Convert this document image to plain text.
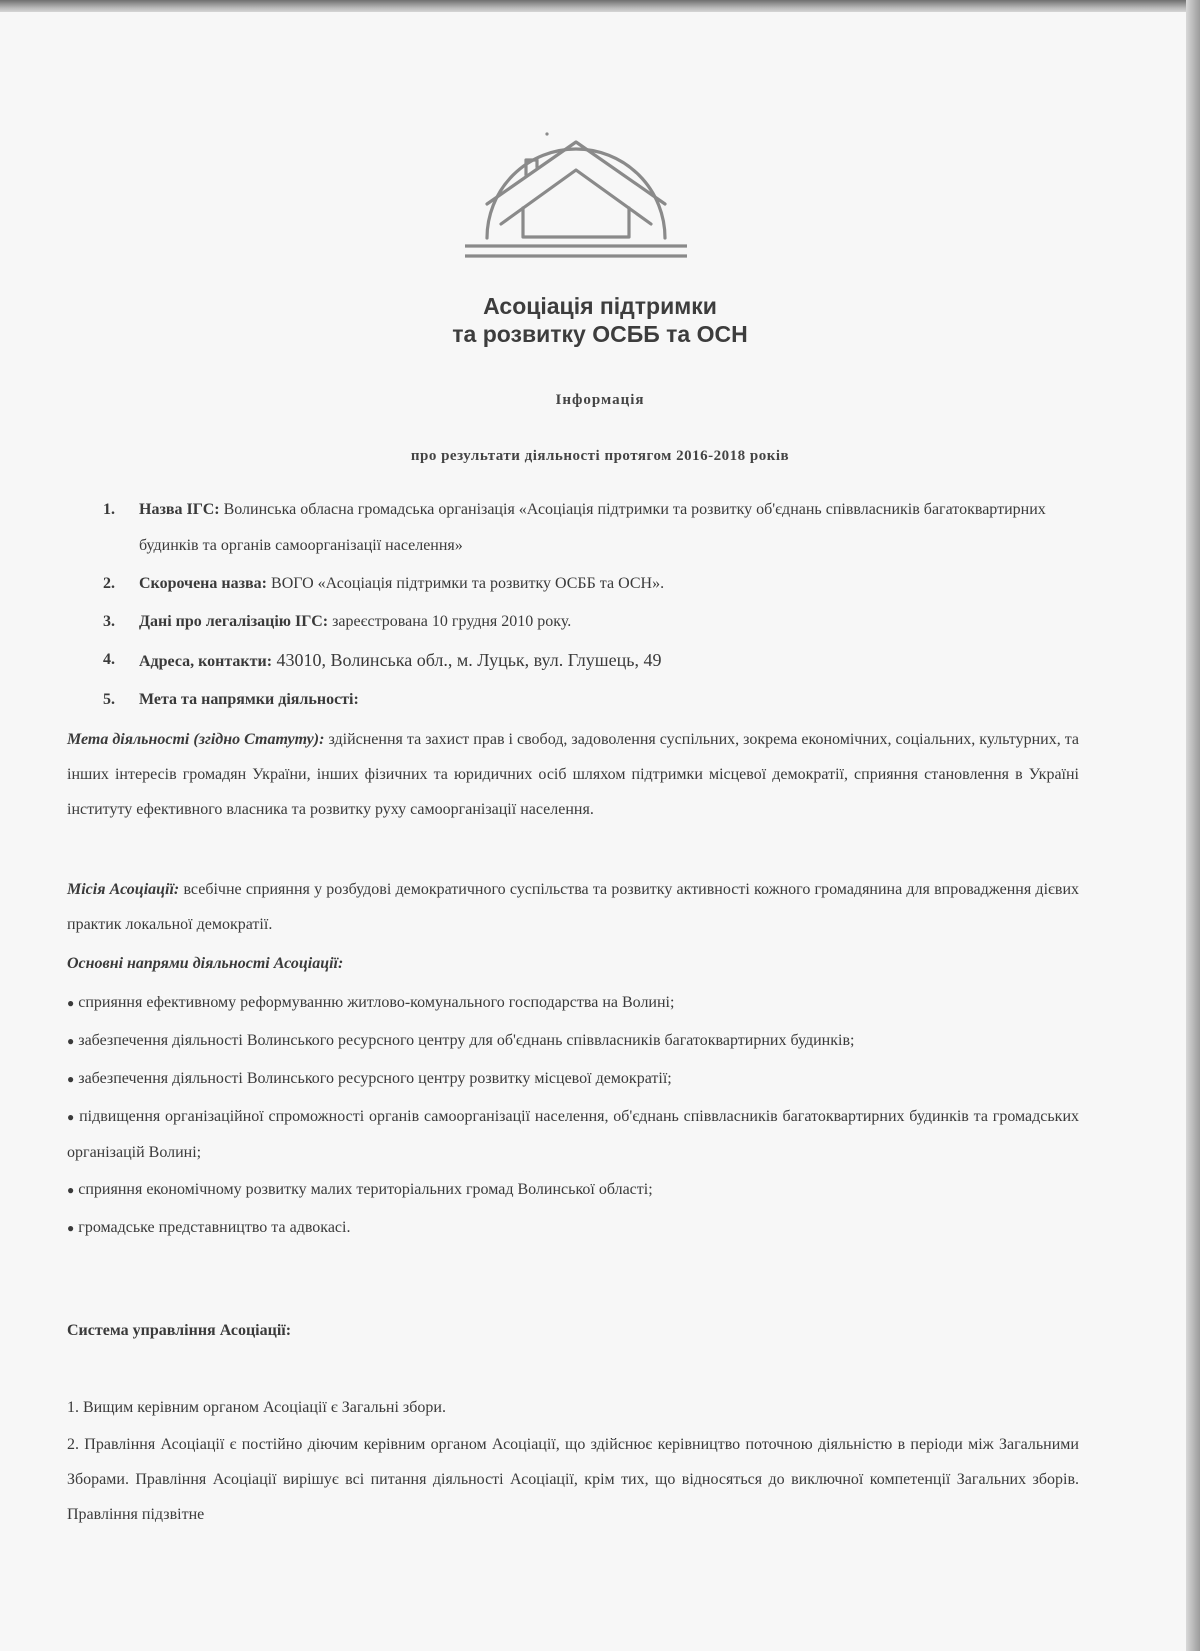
Асоціація підтримки
та розвитку ОСББ та ОСН
Інформація
про результати діяльності протягом 2016-2018 років
1. Назва ІГС: Волинська обласна громадська організація «Асоціація підтримки та розвитку об'єднань співвласників багатоквартирних будинків та органів самоорганізації населення»
2. Скорочена назва: ВОГО «Асоціація підтримки та розвитку ОСББ та ОСН».
3. Дані про легалізацію ІГС: зареєстрована 10 грудня 2010 року.
4. Адреса, контакти: 43010, Волинська обл., м. Луцьк, вул. Глушець, 49
5. Мета та напрямки діяльності:
Мета діяльності (згідно Статуту): здійснення та захист прав і свобод, задоволення суспільних, зокрема економічних, соціальних, культурних, та інших інтересів громадян України, інших фізичних та юридичних осіб шляхом підтримки місцевої демократії, сприяння становлення в Україні інституту ефективного власника та розвитку руху самоорганізації населення.
Місія Асоціації: всебічне сприяння у розбудові демократичного суспільства та розвитку активності кожного громадянина для впровадження дієвих практик локальної демократії.
Основні напрями діяльності Асоціації:
● сприяння ефективному реформуванню житлово-комунального господарства на Волині;
● забезпечення діяльності Волинського ресурсного центру для об'єднань співвласників багатоквартирних будинків;
● забезпечення діяльності Волинського ресурсного центру розвитку місцевої демократії;
● підвищення організаційної спроможності органів самоорганізації населення, об'єднань співвласників багатоквартирних будинків та громадських організацій Волині;
● сприяння економічному розвитку малих територіальних громад Волинської області;
● громадське представництво та адвокасі.
Система управління Асоціації:

1. Вищим керівним органом Асоціації є Загальні збори.

2. Правління Асоціації є постійно діючим керівним органом Асоціації, що здійснює керівництво поточною діяльністю в періоди між Загальними Зборами. Правління Асоціації вирішує всі питання діяльності Асоціації, крім тих, що відносяться до виключної компетенції Загальних зборів. Правління підзвітне
